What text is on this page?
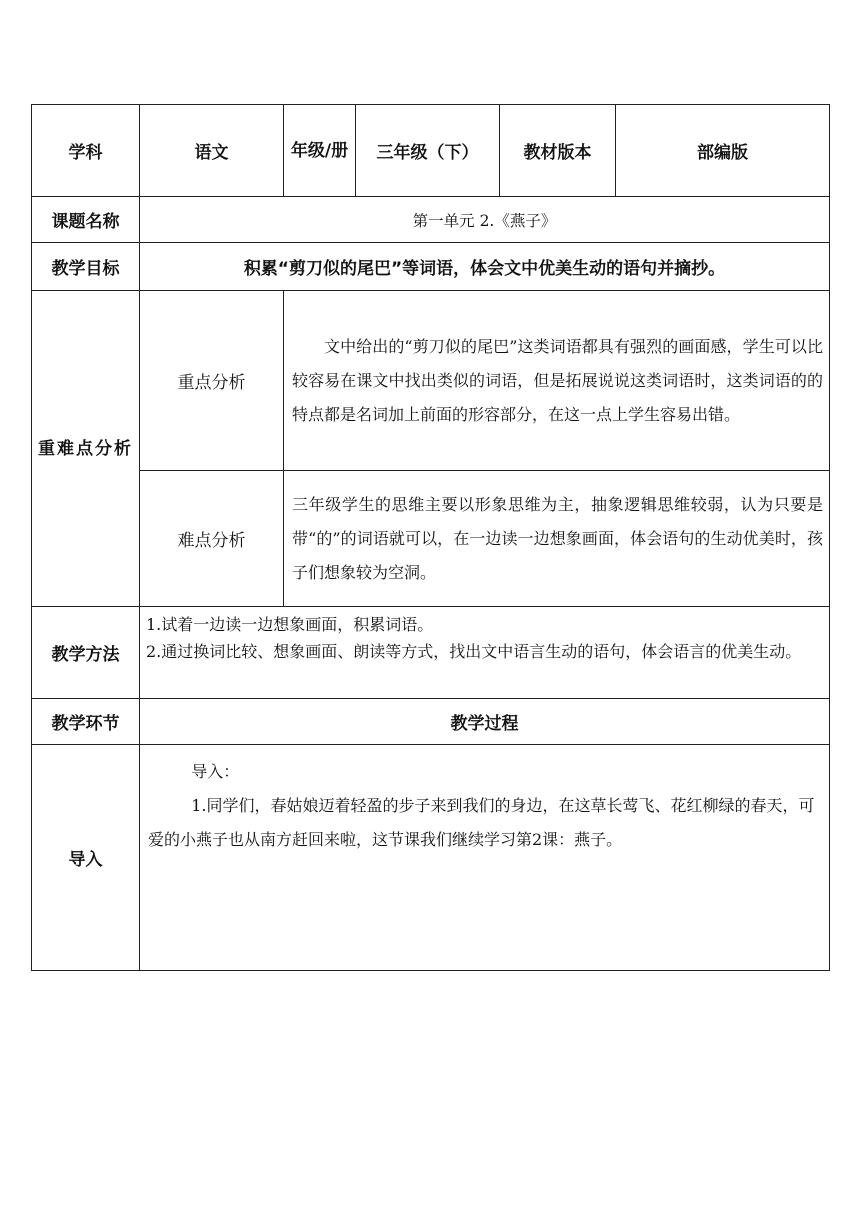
学科	语文	年级/册	三年级（下）	教材版本	部编版
课题名称	第一单元 2.《燕子》				
教学目标	积累“剪刀似的尾巴”等词语，体会文中优美生动的语句并摘抄。				
重难点分析	重点分析	文中给出的“剪刀似的尾巴”这类词语都具有强烈的画面感，学生可以比较容易在课文中找出类似的词语，但是拓展说说这类词语时，这类词语的的特点都是名词加上前面的形容部分，在这一点上学生容易出错。			
	难点分析	三年级学生的思维主要以形象思维为主，抽象逻辑思维较弱，认为只要是带“的”的词语就可以，在一边读一边想象画面，体会语句的生动优美时，孩子们想象较为空洞。			
教学方法	1.试着一边读一边想象画面，积累词语。
2.通过换词比较、想象画面、朗读等方式，找出文中语言生动的语句，体会语言的优美生动。				

教学环节	教学过程				
导入	导入：

1.同学们，春姑娘迈着轻盈的步子来到我们的身边，在这草长莺飞、花红柳绿的春天，可爱的小燕子也从南方赶回来啦，这节课我们继续学习第2课：燕子。				
